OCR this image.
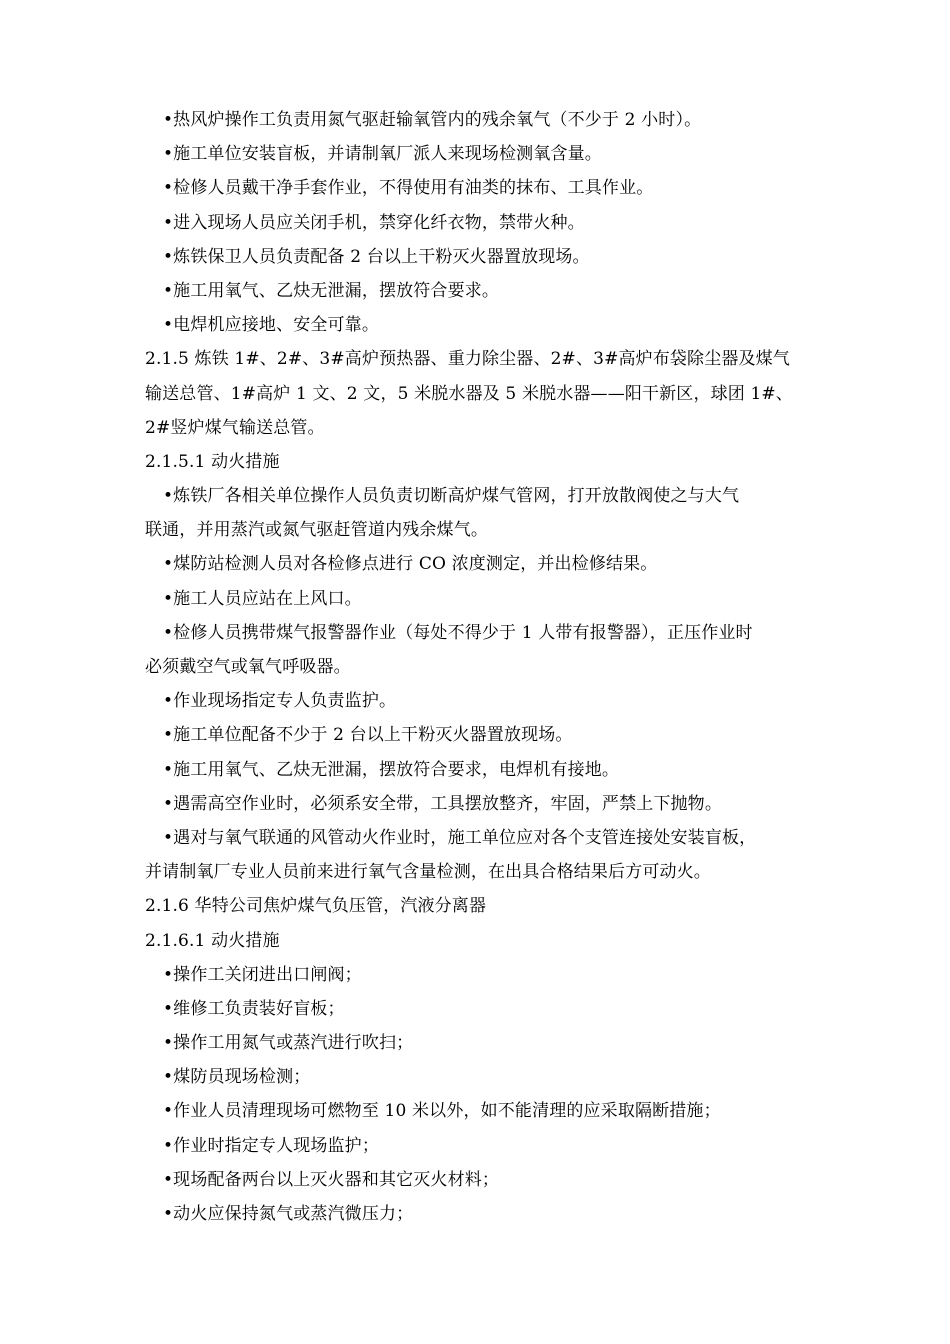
•热风炉操作工负责用氮气驱赶输氧管内的残余氧气（不少于 2 小时）。
•施工单位安装盲板，并请制氧厂派人来现场检测氧含量。
•检修人员戴干净手套作业，不得使用有油类的抹布、工具作业。
•进入现场人员应关闭手机，禁穿化纤衣物，禁带火种。
•炼铁保卫人员负责配备 2 台以上干粉灭火器置放现场。
•施工用氧气、乙炔无泄漏，摆放符合要求。
•电焊机应接地、安全可靠。
2.1.5 炼铁 1#、2#、3#高炉预热器、重力除尘器、2#、3#高炉布袋除尘器及煤气
输送总管、1#高炉 1 文、2 文，5 米脱水器及 5 米脱水器——阳干新区，球团 1#、
2#竖炉煤气输送总管。
2.1.5.1 动火措施
•炼铁厂各相关单位操作人员负责切断高炉煤气管网，打开放散阀使之与大气
联通，并用蒸汽或氮气驱赶管道内残余煤气。
•煤防站检测人员对各检修点进行 CO 浓度测定，并出检修结果。
•施工人员应站在上风口。
•检修人员携带煤气报警器作业（每处不得少于 1 人带有报警器），正压作业时
必须戴空气或氧气呼吸器。
•作业现场指定专人负责监护。
•施工单位配备不少于 2 台以上干粉灭火器置放现场。
•施工用氧气、乙炔无泄漏，摆放符合要求，电焊机有接地。
•遇需高空作业时，必须系安全带，工具摆放整齐，牢固，严禁上下抛物。
•遇对与氧气联通的风管动火作业时，施工单位应对各个支管连接处安装盲板，
并请制氧厂专业人员前来进行氧气含量检测，在出具合格结果后方可动火。
2.1.6 华特公司焦炉煤气负压管，汽液分离器
2.1.6.1 动火措施
•操作工关闭进出口闸阀；
•维修工负责装好盲板；
•操作工用氮气或蒸汽进行吹扫；
•煤防员现场检测；
•作业人员清理现场可燃物至 10 米以外，如不能清理的应采取隔断措施；
•作业时指定专人现场监护；
•现场配备两台以上灭火器和其它灭火材料；
•动火应保持氮气或蒸汽微压力；
